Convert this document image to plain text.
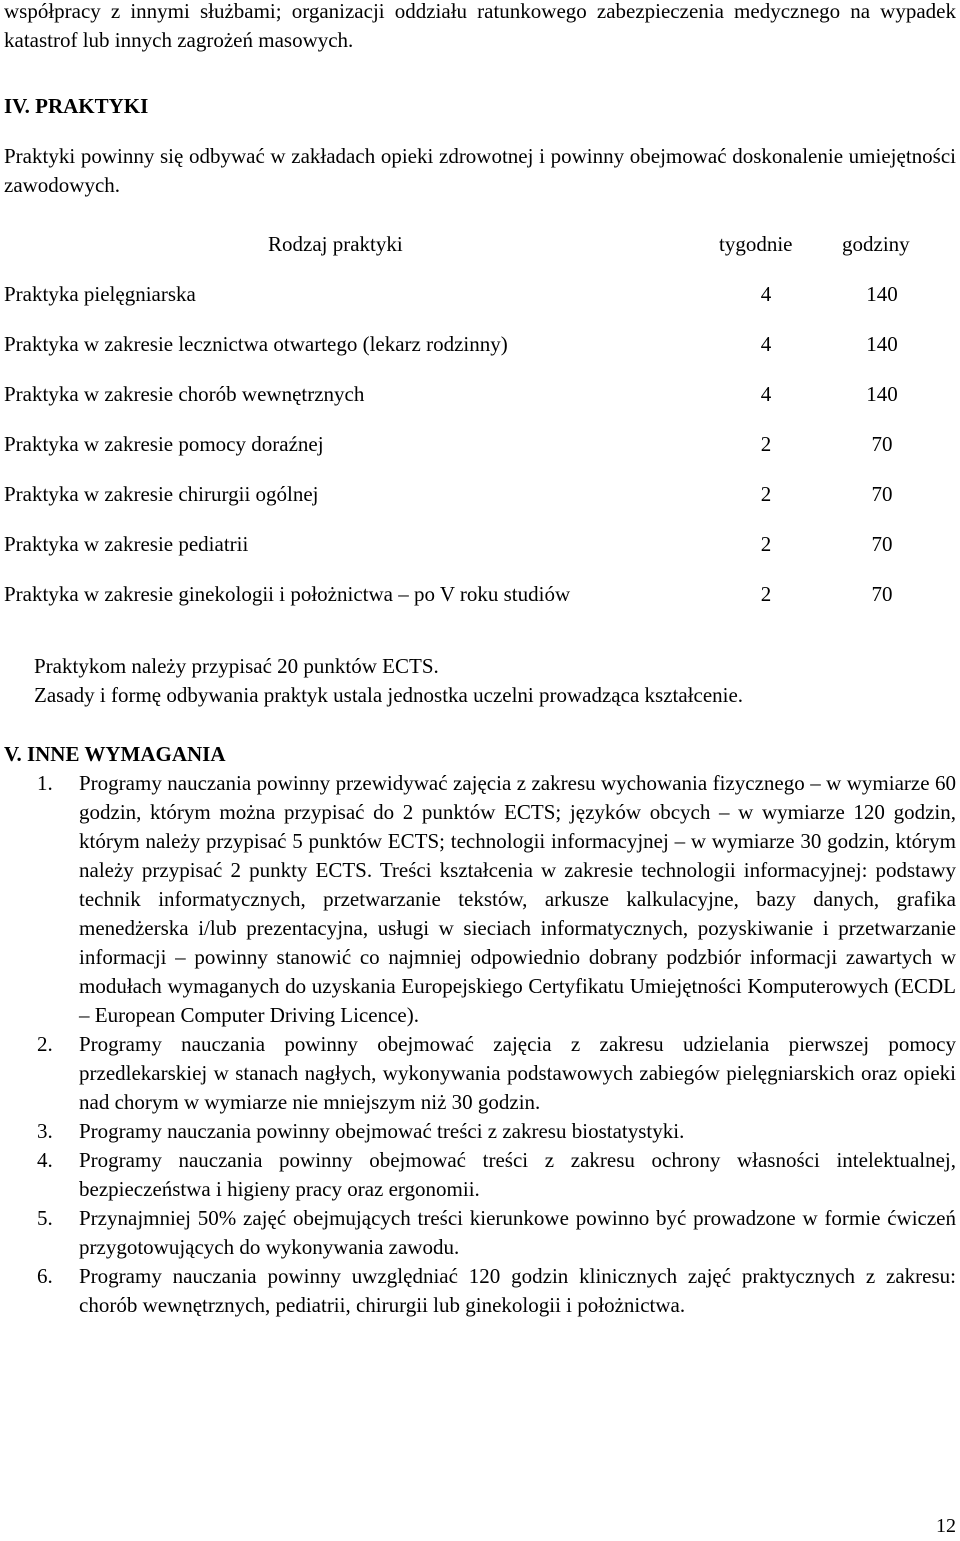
współpracy z innymi służbami; organizacji oddziału ratunkowego zabezpieczenia medycznego na wypadek katastrof lub innych zagrożeń masowych.
IV. PRAKTYKI
Praktyki powinny się odbywać w zakładach opieki zdrowotnej i powinny obejmować doskonalenie umiejętności zawodowych.
Rodzaj praktyki	tygodnie godziny
Praktyka pielęgniarska	4	140
Praktyka w zakresie lecznictwa otwartego (lekarz rodzinny)	4	140
Praktyka w zakresie chorób wewnętrznych	4	140
Praktyka w zakresie pomocy doraźnej	2	70
Praktyka w zakresie chirurgii ogólnej	2	70
Praktyka w zakresie pediatrii	2	70
Praktyka w zakresie ginekologii i położnictwa – po V roku studiów	2	70

Praktykom należy przypisać 20 punktów ECTS.

Zasady i formę odbywania praktyk ustala jednostka uczelni prowadząca kształcenie.

V. INNE WYMAGANIA
1. Programy nauczania powinny przewidywać zajęcia z zakresu wychowania fizycznego – w wymiarze 60 godzin, którym można przypisać do 2 punktów ECTS; języków obcych – w wymiarze 120 godzin, którym należy przypisać 5 punktów ECTS; technologii informacyjnej – w wymiarze 30 godzin, którym należy przypisać 2 punkty ECTS. Treści kształcenia w zakresie technologii informacyjnej: podstawy technik informatycznych, przetwarzanie tekstów, arkusze kalkulacyjne, bazy danych, grafika menedżerska i/lub prezentacyjna, usługi w sieciach informatycznych, pozyskiwanie i przetwarzanie informacji – powinny stanowić co najmniej odpowiednio dobrany podzbiór informacji zawartych w modułach wymaganych do uzyskania Europejskiego Certyfikatu Umiejętności Komputerowych (ECDL – European Computer Driving Licence).
2. Programy nauczania powinny obejmować zajęcia z zakresu udzielania pierwszej pomocy przedlekarskiej w stanach nagłych, wykonywania podstawowych zabiegów pielęgniarskich oraz opieki nad chorym w wymiarze nie mniejszym niż 30 godzin.
3. Programy nauczania powinny obejmować treści z zakresu biostatystyki.
4. Programy nauczania powinny obejmować treści z zakresu ochrony własności intelektualnej, bezpieczeństwa i higieny pracy oraz ergonomii.
5. Przynajmniej 50% zajęć obejmujących treści kierunkowe powinno być prowadzone w formie ćwiczeń przygotowujących do wykonywania zawodu.
6. Programy nauczania powinny uwzględniać 120 godzin klinicznych zajęć praktycznych z zakresu: chorób wewnętrznych, pediatrii, chirurgii lub ginekologii i położnictwa.
12
